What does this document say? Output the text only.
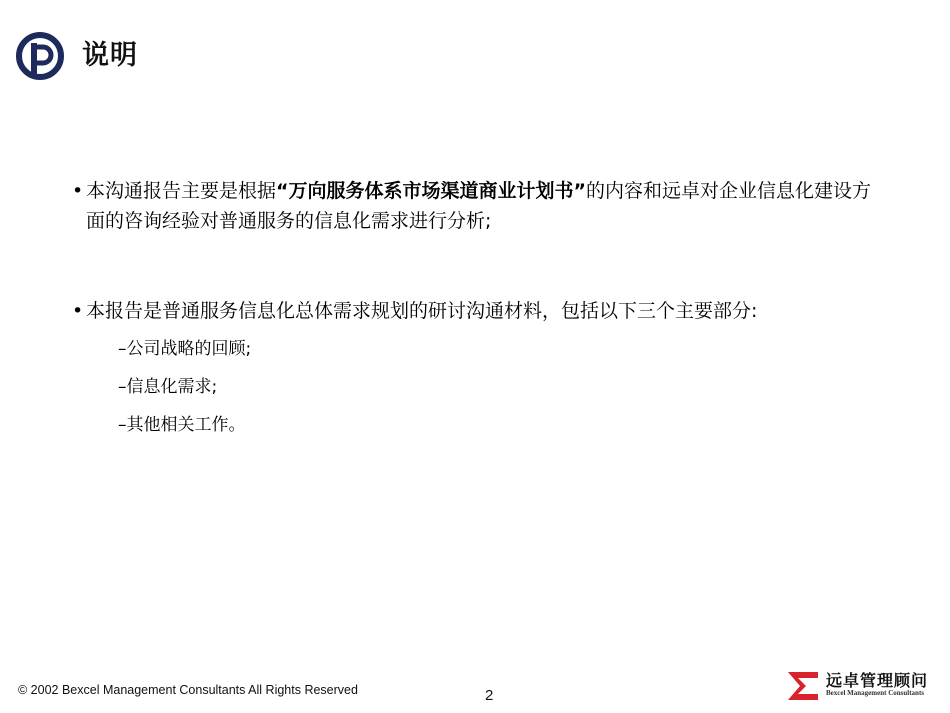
说明
• 本沟通报告主要是根据“万向服务体系市场渠道商业计划书”的内容和远卓对企业信息化建设方面的咨询经验对普通服务的信息化需求进行分析;
• 本报告是普通服务信息化总体需求规划的研讨沟通材料，包括以下三个主要部分:
–公司战略的回顾;
–信息化需求;
–其他相关工作。
© 2002 Bexcel Management Consultants All Rights Reserved	2
远卓管理顾问
Bexcel Management Consultants
